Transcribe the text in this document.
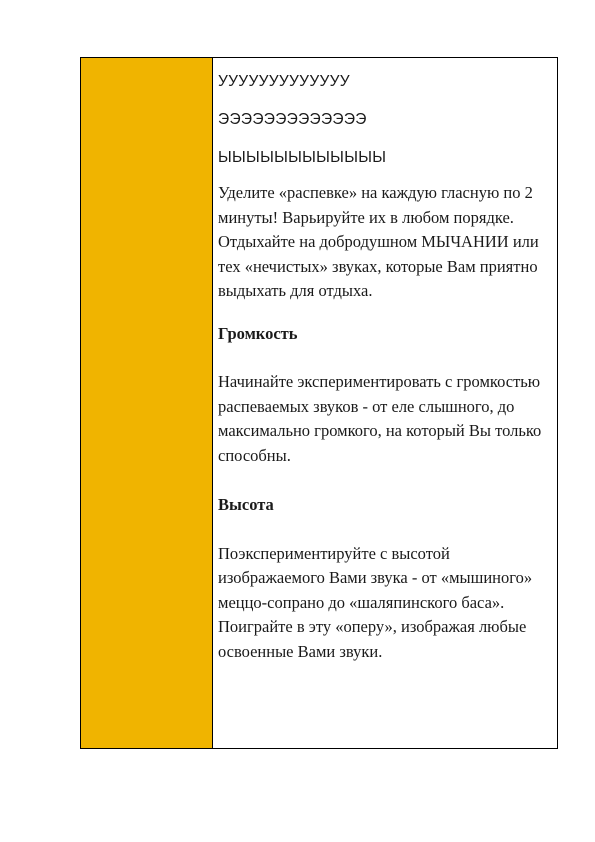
УУУУУУУУУУУУУ

ЭЭЭЭЭЭЭЭЭЭЭЭЭ

ЫЫЫЫЫЫЫЫЫЫЫЫ

Уделите «распевке» на каждую гласную по 2 минуты! Варьируйте их в любом порядке. Отдыхайте на добродушном МЫЧАНИИ или тех «нечистых» звуках, которые Вам приятно выдыхать для отдыха.

Громкость

Начинайте экспериментировать с громкостью распеваемых звуков - от еле слышного, до максимально громкого, на который Вы только способны.

Высота

Поэкспериментируйте с высотой изображаемого Вами звука - от «мышиного» меццо-сопрано до «шаляпинского баса». Поиграйте в эту «оперу», изображая любые освоенные Вами звуки.
